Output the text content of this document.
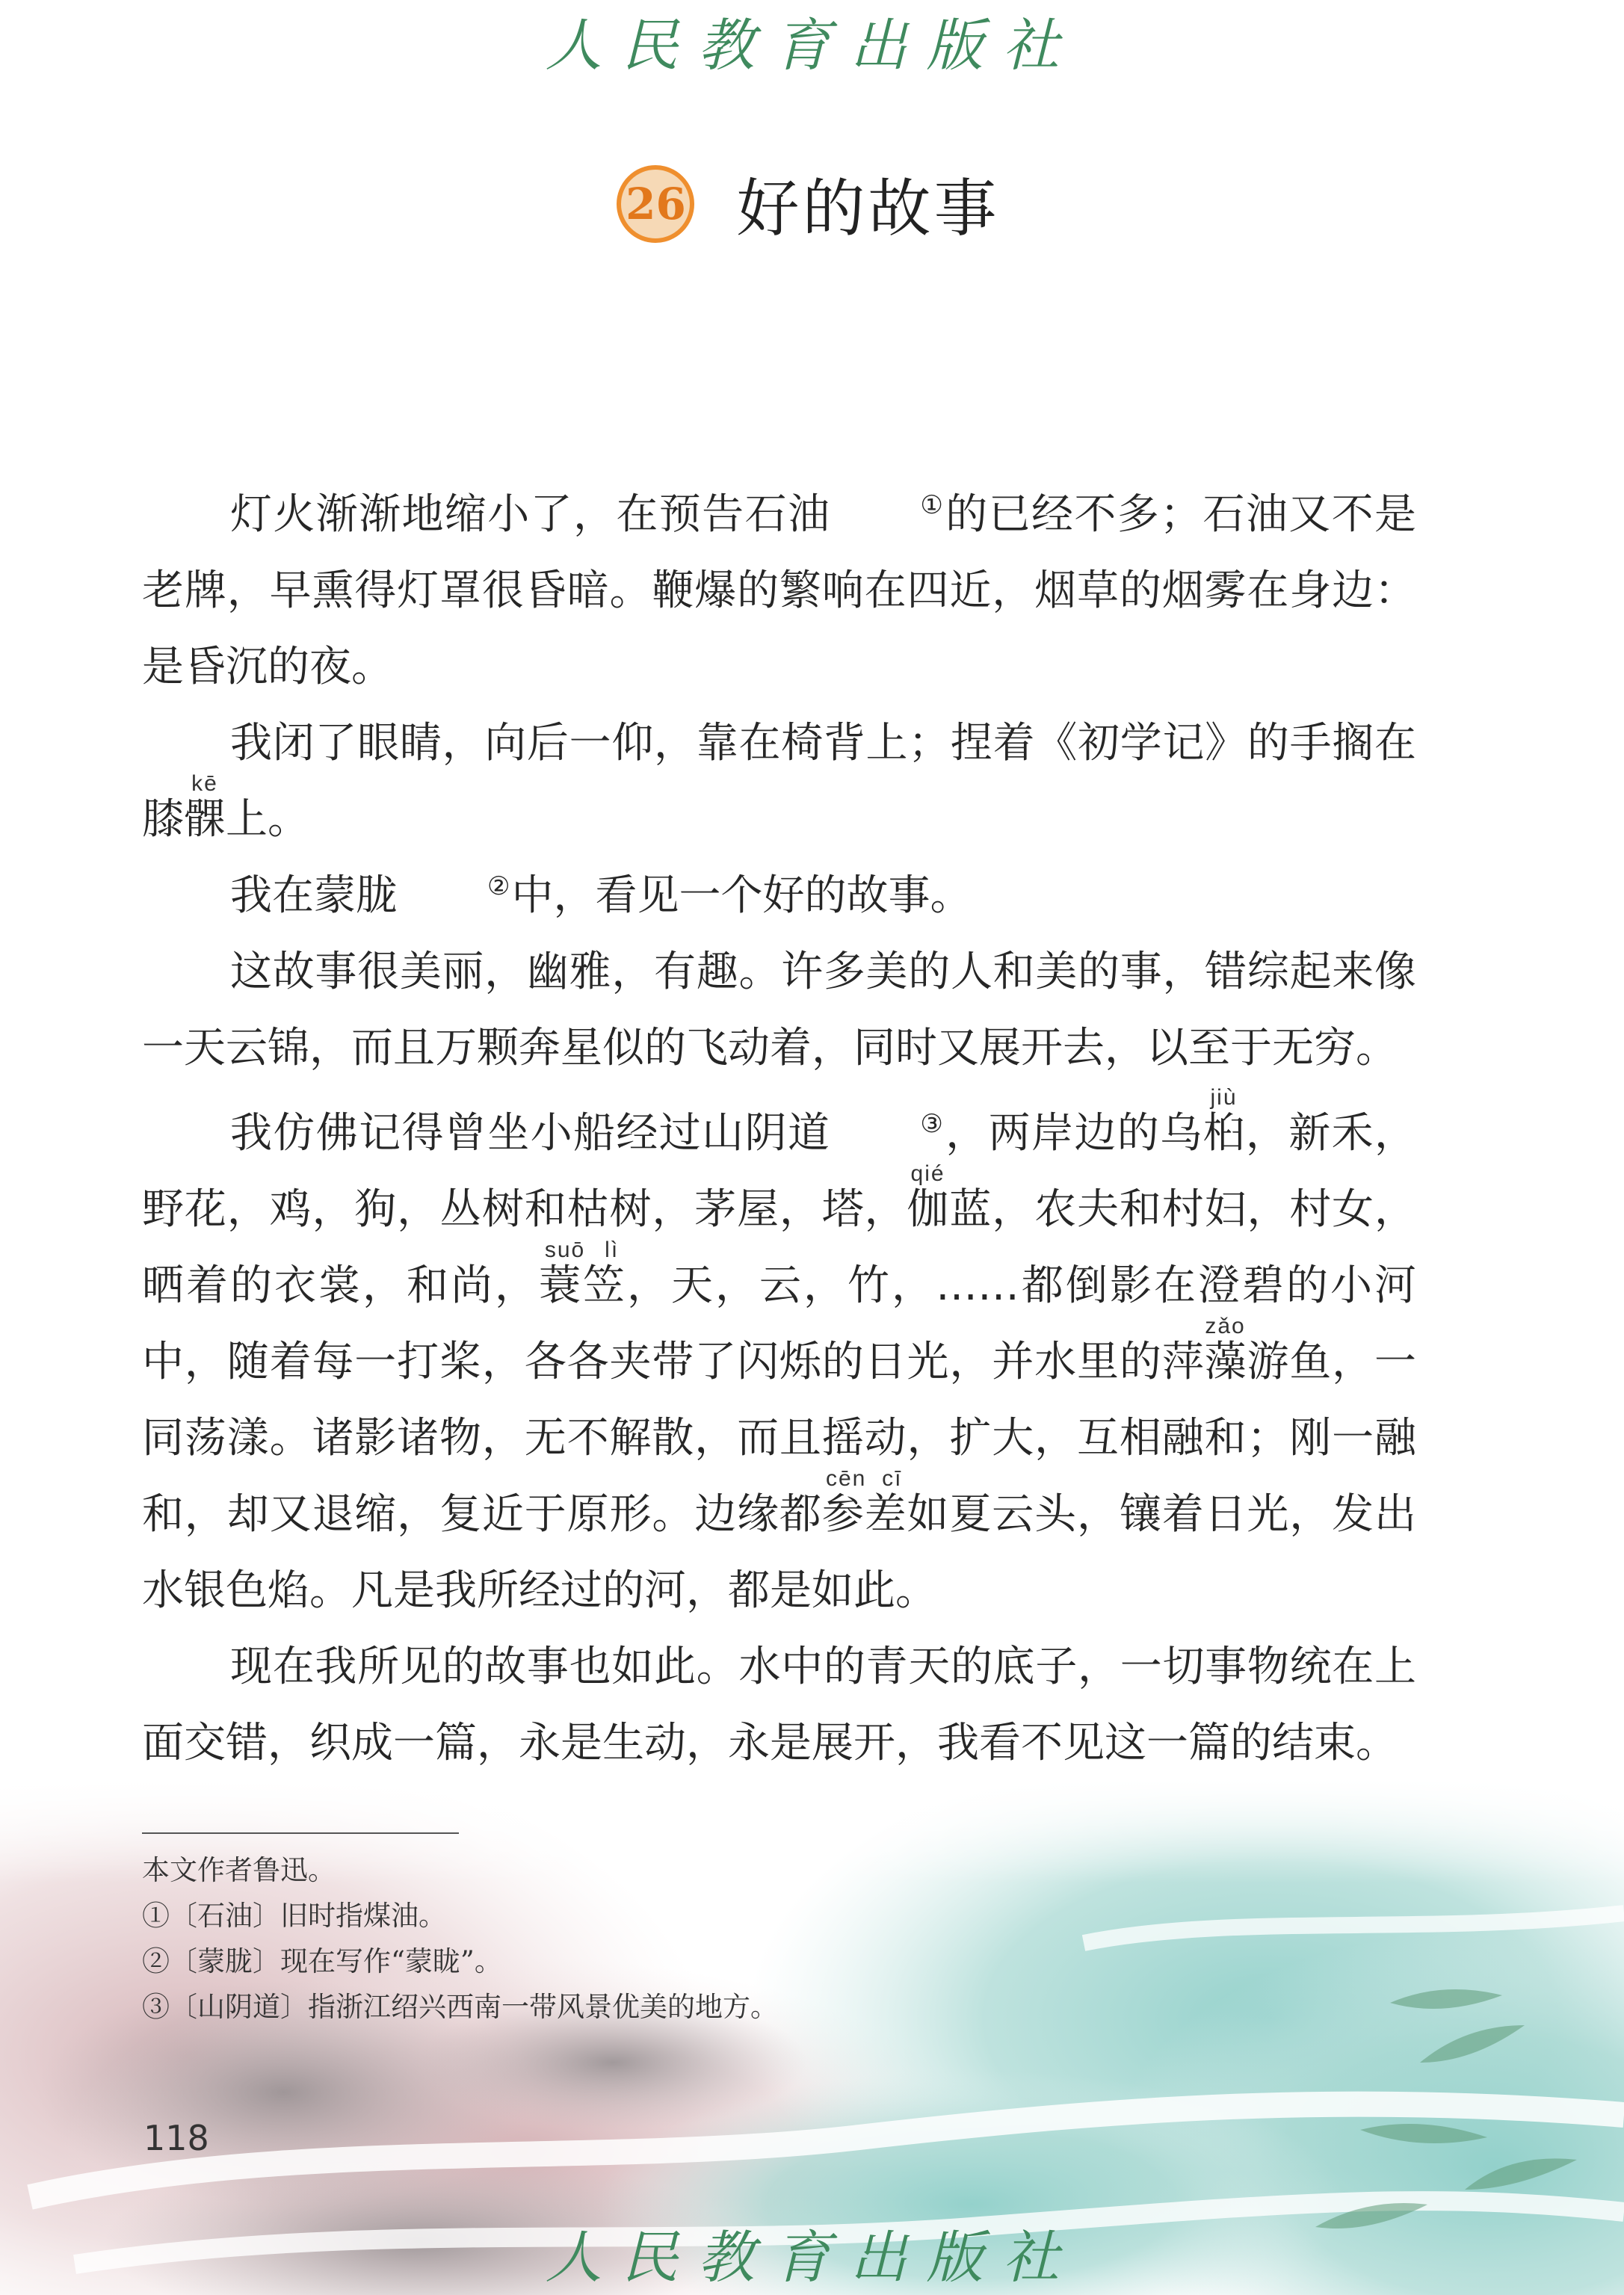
人民教育出版社
26 好的故事

灯火渐渐地缩小了，在预告石油	①的已经不多；石油又不是老牌，早熏得灯罩很昏暗。鞭爆的繁响在四近，烟草的烟雾在身边：是昏沉的夜。

我闭了眼睛，向后一仰，靠在椅背上；捏着《初学记》的手搁在膝髁kē上。

我在蒙胧	②中，看见一个好的故事。

这故事很美丽，幽雅，有趣。许多美的人和美的事，错综起来像一天云锦，而且万颗奔星似的飞动着，同时又展开去，以至于无穷。

我仿佛记得曾坐小船经过山阴道	③，两岸边的乌桕jiù，新禾，野花，鸡，狗，丛树和枯树，茅屋，塔，伽qié蓝，农夫和村妇，村女，晒着的衣裳，和尚，蓑笠suō lì，天，云，竹，……都倒影在澄碧的小河中，随着每一打桨，各各夹带了闪烁的日光，并水里的萍藻zǎo游鱼，一同荡漾。诸影诸物，无不解散，而且摇动，扩大，互相融和；刚一融和，却又退缩，复近于原形。边缘都参差cēn cī如夏云头，镶着日光，发出水银色焰。凡是我所经过的河，都是如此。

现在我所见的故事也如此。水中的青天的底子，一切事物统在上面交错，织成一篇，永是生动，永是展开，我看不见这一篇的结束。

本文作者鲁迅。
①〔石油〕旧时指煤油。
②〔蒙胧〕现在写作“蒙眬”。
③〔山阴道〕指浙江绍兴西南一带风景优美的地方。
118
人民教育出版社
